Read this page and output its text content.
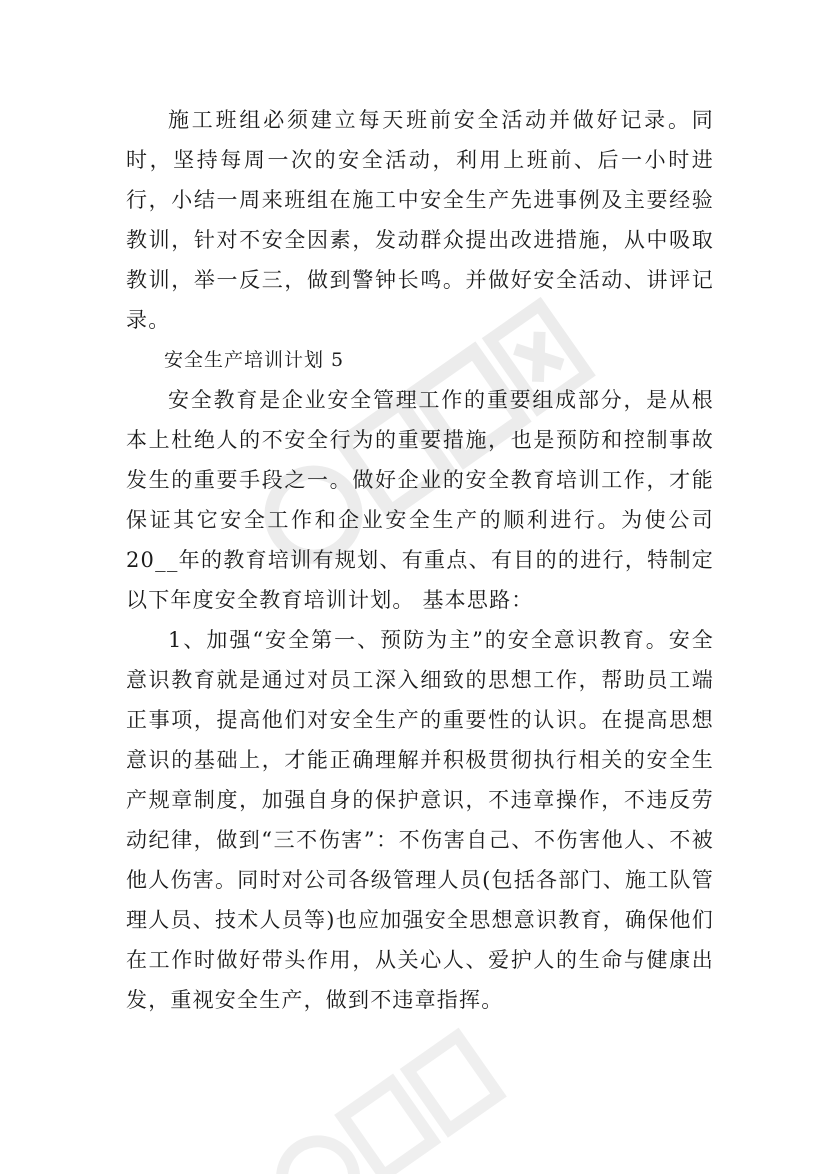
施工班组必须建立每天班前安全活动并做好记录。同时，坚持每周一次的安全活动，利用上班前、后一小时进行，小结一周来班组在施工中安全生产先进事例及主要经验教训，针对不安全因素，发动群众提出改进措施，从中吸取教训，举一反三，做到警钟长鸣。并做好安全活动、讲评记录。

安全生产培训计划 5

安全教育是企业安全管理工作的重要组成部分，是从根本上杜绝人的不安全行为的重要措施，也是预防和控制事故发生的重要手段之一。做好企业的安全教育培训工作，才能保证其它安全工作和企业安全生产的顺利进行。为使公司20__年的教育培训有规划、有重点、有目的的进行，特制定以下年度安全教育培训计划。 基本思路：

1、加强“安全第一、预防为主”的安全意识教育。安全意识教育就是通过对员工深入细致的思想工作，帮助员工端正事项，提高他们对安全生产的重要性的认识。在提高思想意识的基础上，才能正确理解并积极贯彻执行相关的安全生产规章制度，加强自身的保护意识，不违章操作，不违反劳动纪律，做到“三不伤害”：不伤害自己、不伤害他人、不被他人伤害。同时对公司各级管理人员(包括各部门、施工队管理人员、技术人员等)也应加强安全思想意识教育，确保他们在工作时做好带头作用，从关心人、爱护人的生命与健康出发，重视安全生产，做到不违章指挥。
